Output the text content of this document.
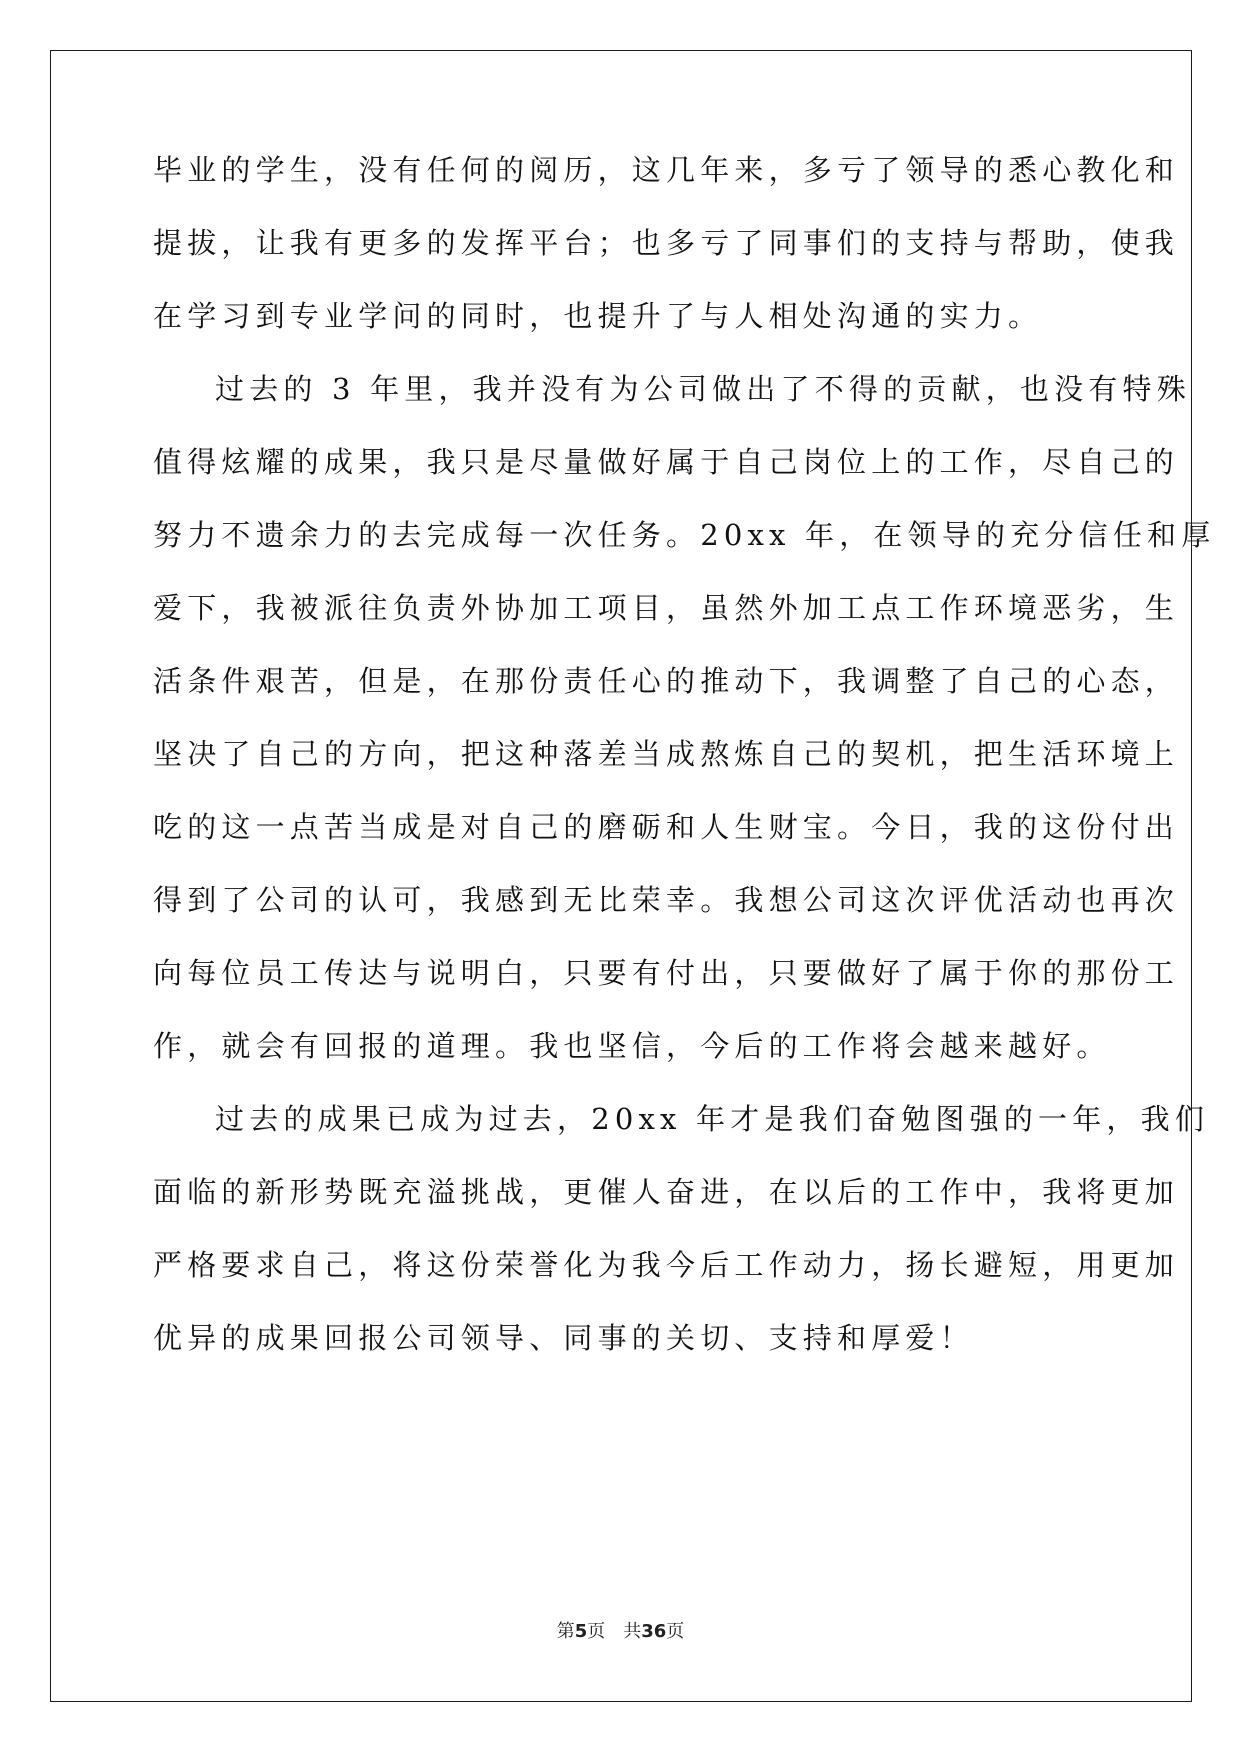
毕业的学生，没有任何的阅历，这几年来，多亏了领导的悉心教化和
提拔，让我有更多的发挥平台；也多亏了同事们的支持与帮助，使我
在学习到专业学问的同时，也提升了与人相处沟通的实力。
过去的 3 年里，我并没有为公司做出了不得的贡献，也没有特殊
值得炫耀的成果，我只是尽量做好属于自己岗位上的工作，尽自己的
努力不遗余力的去完成每一次任务。20xx 年，在领导的充分信任和厚
爱下，我被派往负责外协加工项目，虽然外加工点工作环境恶劣，生
活条件艰苦，但是，在那份责任心的推动下，我调整了自己的心态，
坚决了自己的方向，把这种落差当成熬炼自己的契机，把生活环境上
吃的这一点苦当成是对自己的磨砺和人生财宝。今日，我的这份付出
得到了公司的认可，我感到无比荣幸。我想公司这次评优活动也再次
向每位员工传达与说明白，只要有付出，只要做好了属于你的那份工
作，就会有回报的道理。我也坚信，今后的工作将会越来越好。
过去的成果已成为过去，20xx 年才是我们奋勉图强的一年，我们
面临的新形势既充溢挑战，更催人奋进，在以后的工作中，我将更加
严格要求自己，将这份荣誉化为我今后工作动力，扬长避短，用更加
优异的成果回报公司领导、同事的关切、支持和厚爱！
第5页 共36页
